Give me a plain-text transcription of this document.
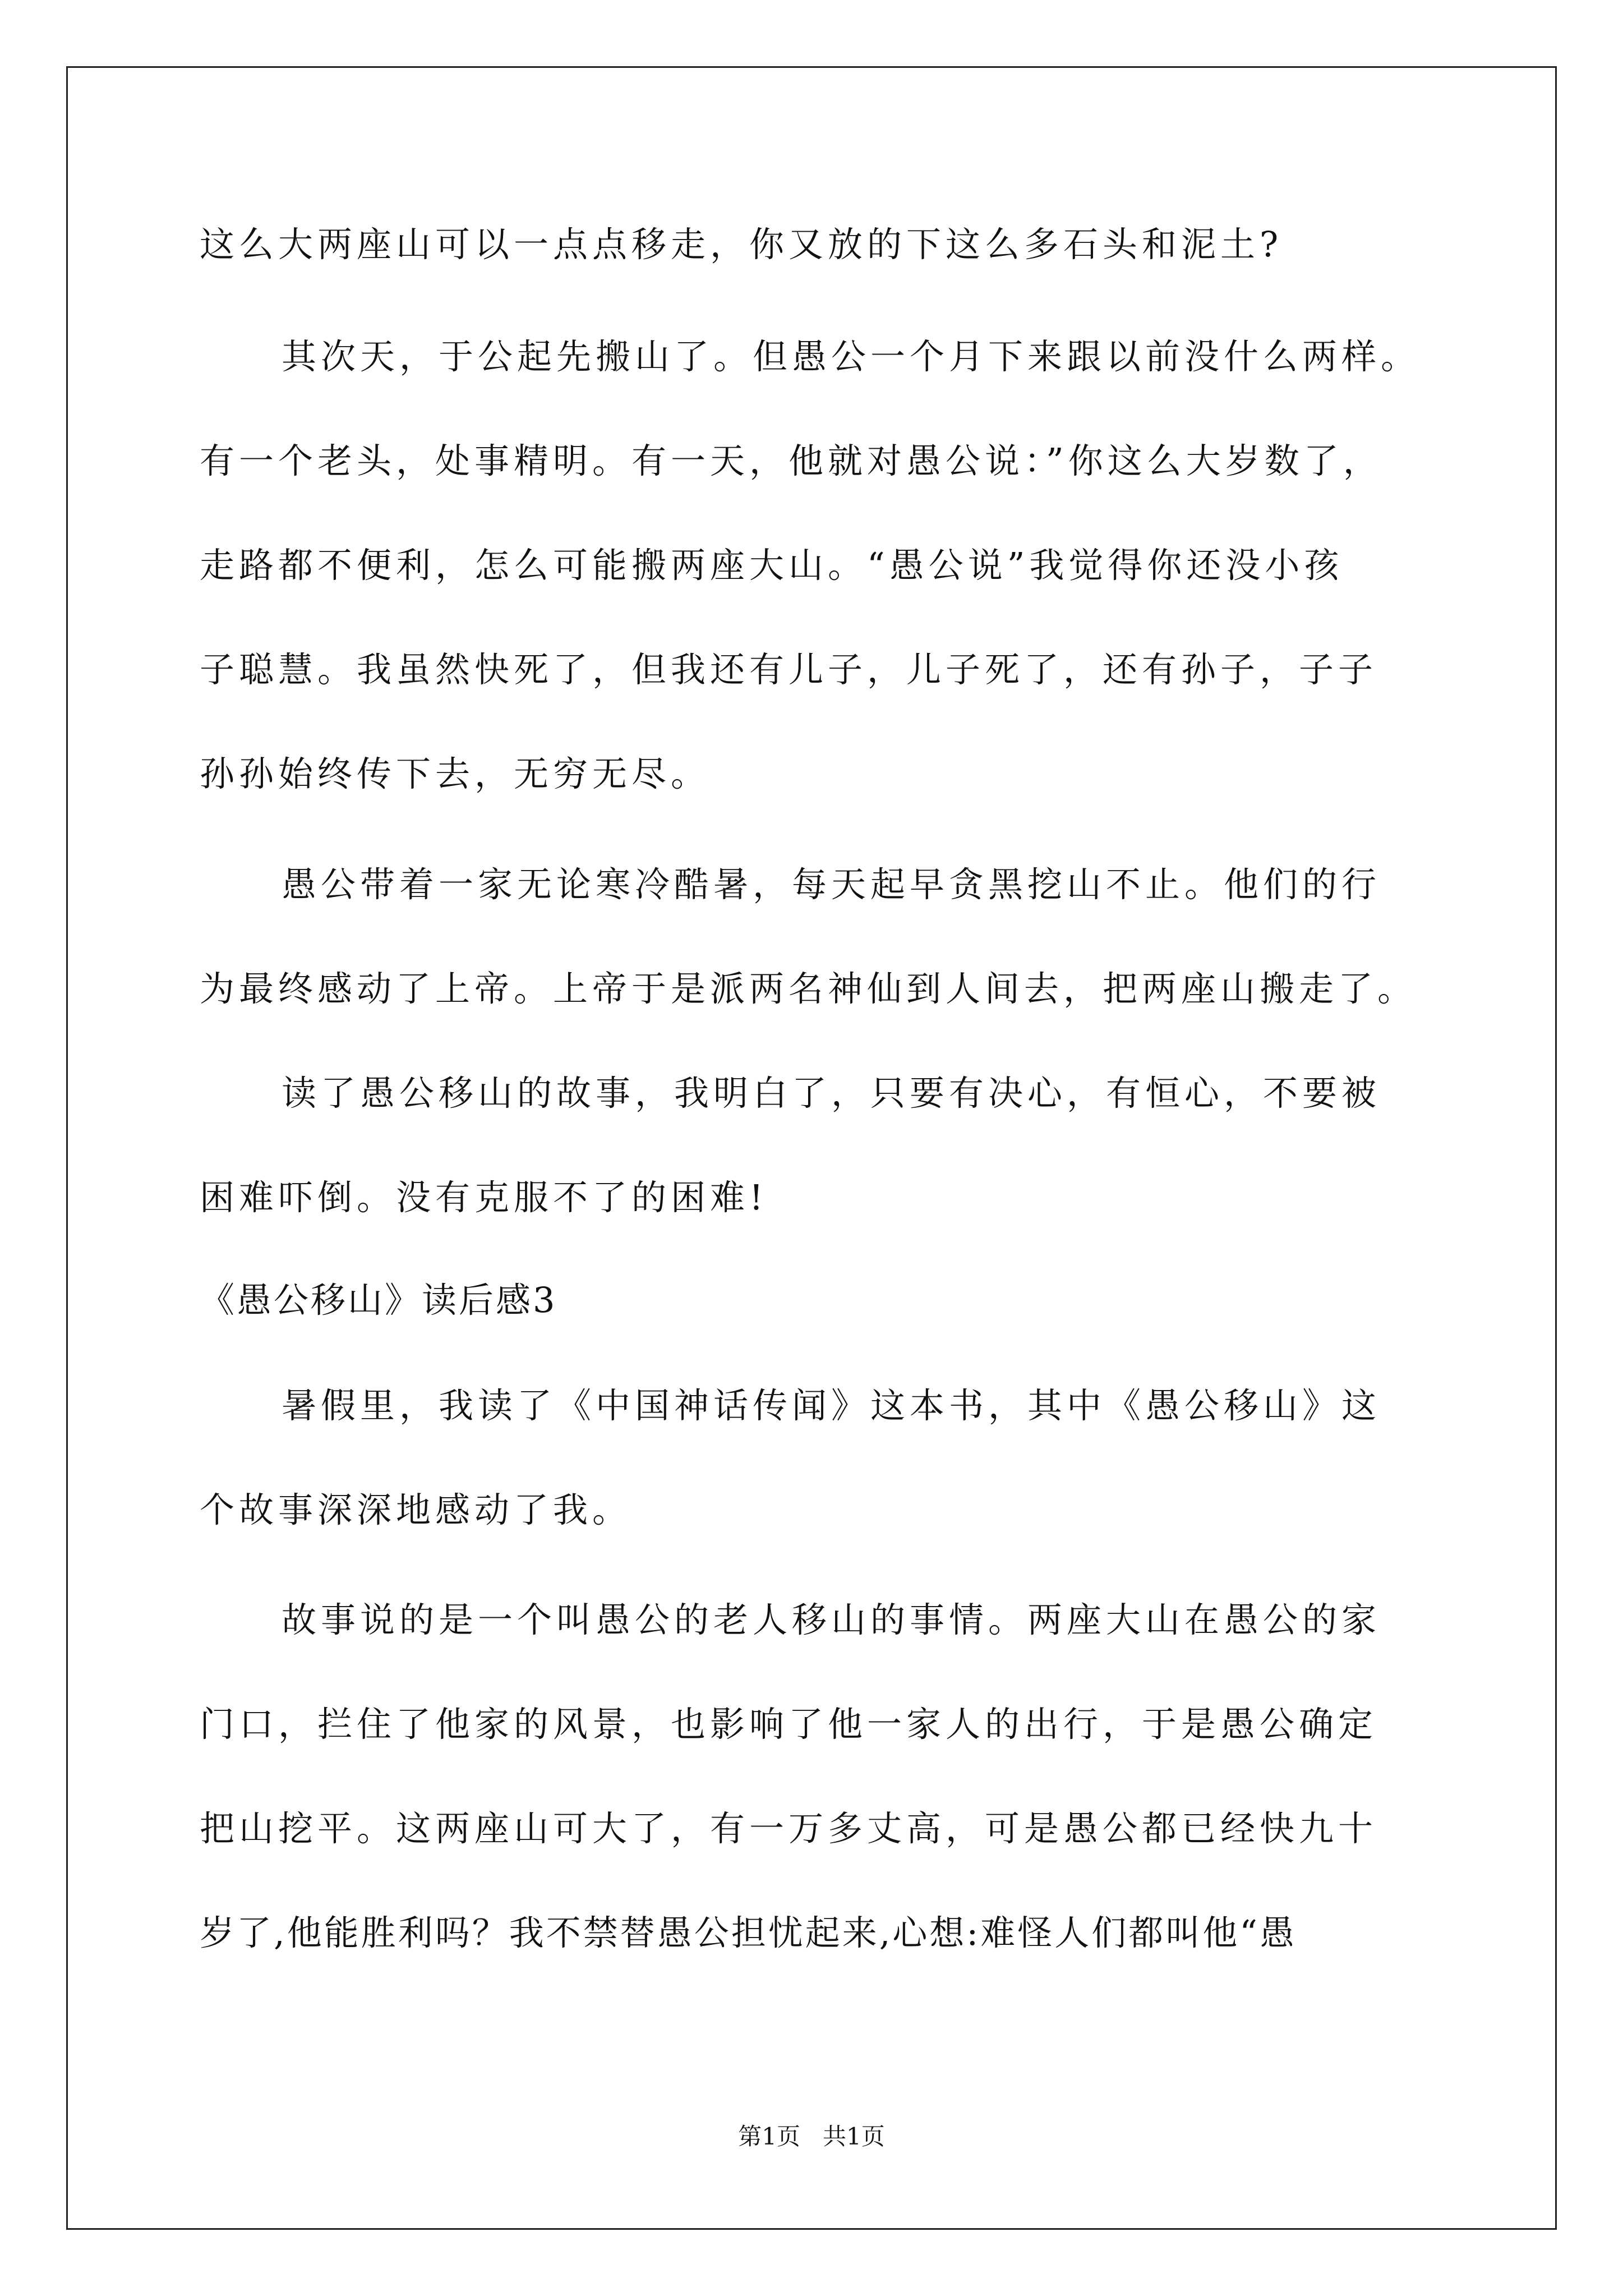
这么大两座山可以一点点移走，你又放的下这么多石头和泥土?
其次天，于公起先搬山了。但愚公一个月下来跟以前没什么两样。
有一个老头，处事精明。有一天，他就对愚公说：”你这么大岁数了，
走路都不便利，怎么可能搬两座大山。“愚公说”我觉得你还没小孩
子聪慧。我虽然快死了，但我还有儿子，儿子死了，还有孙子，子子
孙孙始终传下去，无穷无尽。
愚公带着一家无论寒冷酷暑，每天起早贪黑挖山不止。他们的行
为最终感动了上帝。上帝于是派两名神仙到人间去，把两座山搬走了。
读了愚公移山的故事，我明白了，只要有决心，有恒心，不要被
困难吓倒。没有克服不了的困难!
《愚公移山》读后感3
暑假里，我读了《中国神话传闻》这本书，其中《愚公移山》这
个故事深深地感动了我。
故事说的是一个叫愚公的老人移山的事情。两座大山在愚公的家
门口，拦住了他家的风景，也影响了他一家人的出行，于是愚公确定
把山挖平。这两座山可大了，有一万多丈高，可是愚公都已经快九十
岁了,他能胜利吗？我不禁替愚公担忧起来,心想:难怪人们都叫他“愚
第1页 共1页
